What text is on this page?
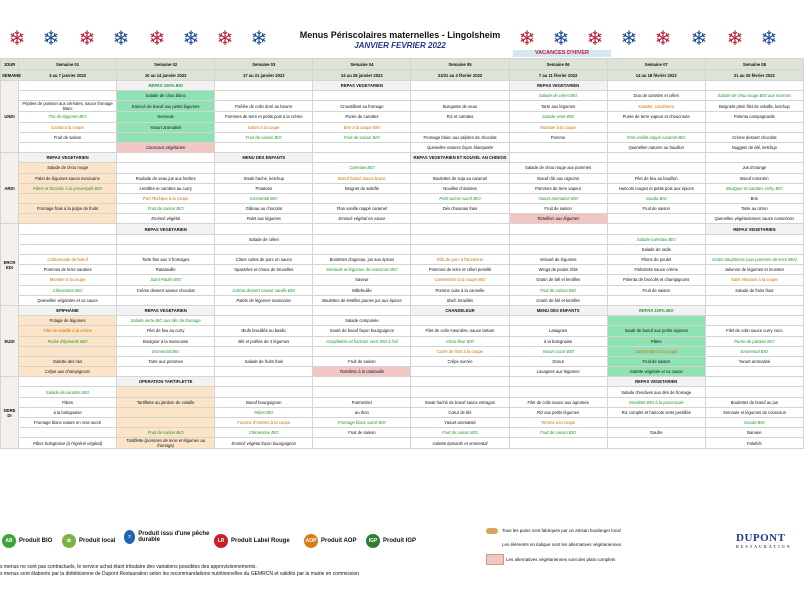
❄ ❄ ❄ ❄ ❄ ❄ ❄ ❄	Menus Périscolaires maternelles - Lingolsheim
JANVIER FEVRIER 2022	❄ ❄ ❄ ❄ ❄ ❄ ❄ ❄
VACANCES D'HIVER
JOUR	Semaine 01	Semaine 02	Semaine 03	Semaine 04	Semaine 05	Semaine 06	Semaine 07	Semaine 08
SEMAINE	3 au 7 janvier 2022	10 au 14 janvier 2022	17 au 21 janvier 2022	24 au 28 janvier 2022	31/01 au 4 février 2022	7 au 11 février 2022	14 au 18 février 2022	21 au 25 février 2022
UNDI		REPAS 100% BIO		REPAS VEGETARIEN		REPAS VEGETARIEN		
		Salade de chou blanc				Salade de céleri BIO	Duo de carottes et céleri	Salade de chou rouge BIO aux marrons
	Pépites de poisson aux céréales, sauce fromage blanc	Emincé de boeuf aux petits légumes	Poêlée de colin doré au beurre	Croustillant au fromage	Burquette de veau	Tarte aux légumes	Kassler, condiment	Beignets plein filet de volaille, ketchup
	Trio de légumes BIO	Semoule	Pommes de terre et petits pois à la crème	Purée de carottes	Riz et carottes	Salade verte BIO	Purée de terre vapeur et choucroute	Polenta campagnarde
	Cantal à la coupe	Yaourt aromatisé	Edam à la coupe	Brie à la coupe BIO		Munster à la coupe		
	Fruit de saison		Fruit de saison BIO	Fruit de saison BIO	Fromage blanc aux pépites de chocolat	Pomme	Flan vanille nappé caramel BIO	Crème dessert chocolat
		Couscous végétarien			Quenelles natures façon blanquette		Quenelles natures au bouillon	Nuggets de blé, ketchup
ARDI	REPAS VEGETARIEN		MENU DES ENFANTS		REPAS VEGETARIEN ET NOUVEL AN CHINOIS			
	Salade de chou rouge			Coleslaw BIO		Salade de chou rouge aux pommes		Jus d'orange
	Palet de légumes sauce mexicaine	Roulade de veau jus aux herbes	Steak haché, ketchup	Boeuf braisé sauce brune	Boulettes de soja au caramel	Boeuf rôti aux oignons	Filet de lieu au bouillon	Boeuf mironton
	Pâtes et brocolis à la provençale BIO	Lentilles et carottes au curry	Potatoes	Beignet de salsifis	Nouilles chinoises	Pommes de terre vapeur	Haricots rouges et petits pois aux épices	Boulgour et carottes vichy BIO
		Port l'Evêque à la coupe	Emmental BIO		Petit suisse sucré BIO	Yaourt aromatisé BIO	Gouda BIO	Brie
	Fromage frais à la pulpe de fruits	Fruit de saison BIO	Gâteau au chocolat	Flan vanille nappé caramel	Dés d'ananas frais	Fruit de saison	Fruit de saison	Tarte au citron
		Emincé végétal	Palet aux légumes	Emincé végétal en sauce		Tortellinis aux légumes		Quenelles végétariennes sauce comichons
ERCR EDI		REPAS VEGETARIEN						REPAS VEGETARIEN
			Salade de céleri				Salade coleslaw BIO	
							Salade de radis	
	Carbonnade de boeuf	Tarte flan aux 3 fromages	Côtes cuites de porc en sauce	Boulettes d'agneau, jus aux épices	Rôti de porc à l'ancienne	Velouté de légumes	Pilons de poulet	Gratin dauphinois (aux pommes de terre BIO)
	Pommes de terre sautées	Ratatouille	Spaetzles et choux de bruxelles	Semoule et légumes de couscous BIO	Pommes de terre et céleri persillé	Wings de poulet rôtis	Fishsticks sauce crème	Julienne de légumes et munster
	Munster à la coupe	Saint Paulin BIO		Saveur	Camembert à la coupe BIO	Gratin de blé et lentilles	Polenta de brocolis et champignons	Saint Nectaire à la coupe
	Clémentine BIO	Crème dessert saveur chocolat	Crème dessert saveur vanille BIO	Millefeuille	Pomme cuite à la cannelle	Fruit de saison BIO	Fruit de saison	Salade de fruits frais
	Quenelles végétales et sa sauce		Palets de légumes marocains	Boulettes de lentilles jaunes jus aux épices	Œufs brouillés	Gratin de blé et lentilles		
EUDI	EPIPHANIE	REPAS VEGETARIEN			CHANDELEUR	MENU DES ENFANTS	REPAS 100% BIO	
	Potage de légumes	Salade verte BIO aux dés de fromage		Salade composée				
	Filet de volaille à la crème	Filet de lieu au curry	Œufs brouillés au basilic	Sauté de boeuf façon bourguignon	Filet de colin meunière, sauce tartare	Lasagnes	Sauté de boeuf aux petits oignons	Filet de colin sauce curry coco
	Purée d'épinards BIO	Boulgour à la marocaine	Blé et poêlée de 4 légumes	Coquillettes et haricots verts BIO à l'ail	Chou-fleur BIO	à la bolognaise	Pâtes	Purée de patates BIO
		Emmental BIO			Carré de l'Est à la coupe	Yaourt sucré BIO	Camembert à la coupe	Emmental BIO
	Galette des rois	Tarte aux pommes	Salade de fruits frais	Fruit de saison	Crêpe sucrée	Donut	Fruit de saison	Yaourt aromatisé
	Crêpe aux champignons			Tortellinis à la ratatouille		Lasagnes aux légumes	Galette végétale et sa sauce	
NDRE DI		OPERATION TARTIFLETTE					REPAS VEGETARIEN	
	Salade de carottes BIO						Salade d'endives aux dés de fromage	
	Pâtes	Tartiflette au jambon de volaille	Boeuf bourguignon	Parmentier	Steak haché de boeuf sauce estragon	Filet de colin sauce aux agrumes	Omelette BIO à la provençale	Boulettes de boeuf au jus
	à la bolognaise		Pâtes BIO	au thon	Cœur de blé	Riz aux petits légumes	Riz complet et haricots verts persillés	Semoule et légumes de couscous
	Fromage blanc nature en vrac sucré		Fourme d'Ambert à la coupe	Fromage blanc sucré BIO	Yaourt aromatisé	Tomme à la coupe		Gouda BIO
		Fruit de saison BIO	Clémentine BIO	Fruit de saison	Fruit de saison BIO	Fruit de saison BIO	Gaufre	Banane
	Pâtes bolognaise (à l'égréné végétal)	Tartiflette (pommes de terre et légumes au fromage)	Emincé végétal façon bourguignon		Galette épinards et emmental			Falafels
AB	Produit BIO	✿	Produit local
≈	Produit issu d'une pêche durable	LR	Produit Label Rouge	AOP Produit AOP	IGP Produit IGP
Tous les pains sont fabriqués par un artisan boulanger local
Les éléments en italique sont les alternatives végétariennes
Les alternatives végétariennes sont des plats complets
s menus ne sont pas contractuels, le service achat étant tributaire des variations possibles des approvisionnements.
s menus sont élaborés par la diététicienne de Dupont Restauration selon les recommandations nutritionnelles du GEMRCN et validés par la mairie en commission
DUPONT
RESTAURATION
